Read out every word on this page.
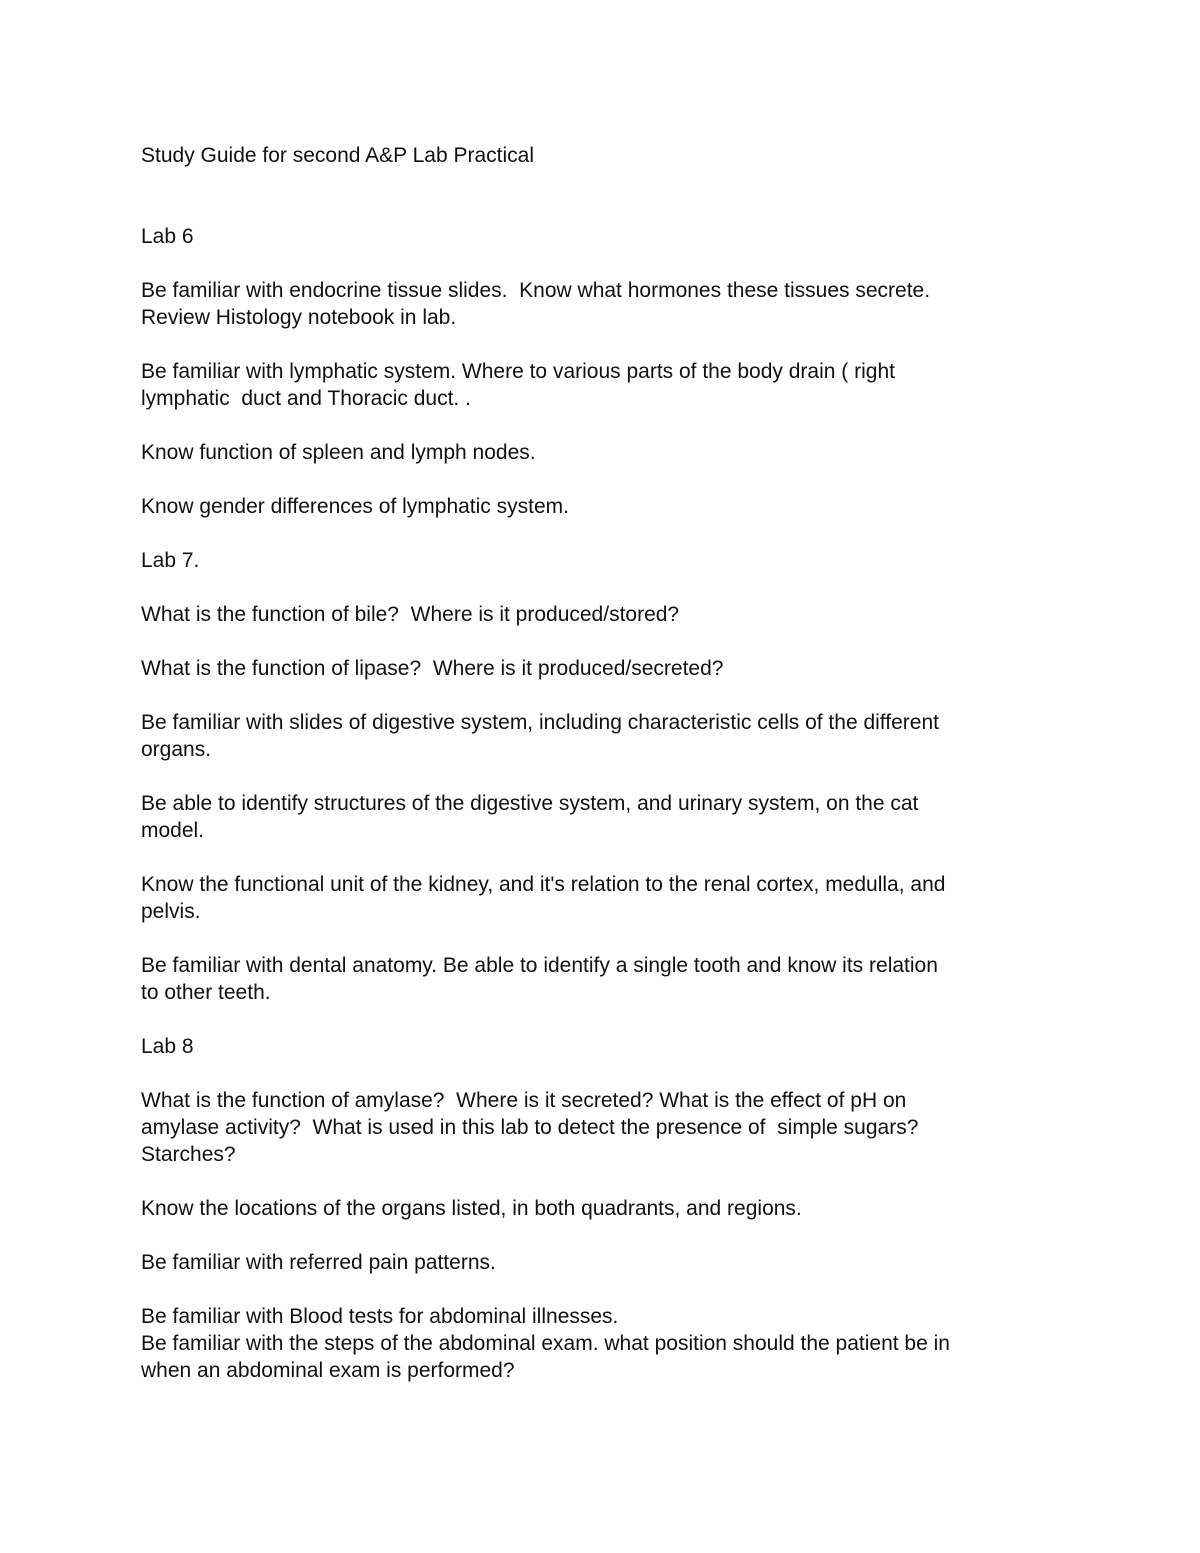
Study Guide for second A&P Lab Practical
Lab 6
Be familiar with endocrine tissue slides.  Know what hormones these tissues secrete.
Review Histology notebook in lab.
Be familiar with lymphatic system. Where to various parts of the body drain ( right
lymphatic  duct and Thoracic duct. .
Know function of spleen and lymph nodes.
Know gender differences of lymphatic system.
Lab 7.
What is the function of bile?  Where is it produced/stored?
What is the function of lipase?  Where is it produced/secreted?
Be familiar with slides of digestive system, including characteristic cells of the different
organs.
Be able to identify structures of the digestive system, and urinary system, on the cat
model.
Know the functional unit of the kidney, and it's relation to the renal cortex, medulla, and
pelvis.
Be familiar with dental anatomy. Be able to identify a single tooth and know its relation
to other teeth.
Lab 8
What is the function of amylase?  Where is it secreted? What is the effect of pH on
amylase activity?  What is used in this lab to detect the presence of  simple sugars?
Starches?
Know the locations of the organs listed, in both quadrants, and regions.
Be familiar with referred pain patterns.
Be familiar with Blood tests for abdominal illnesses.
Be familiar with the steps of the abdominal exam. what position should the patient be in
when an abdominal exam is performed?
